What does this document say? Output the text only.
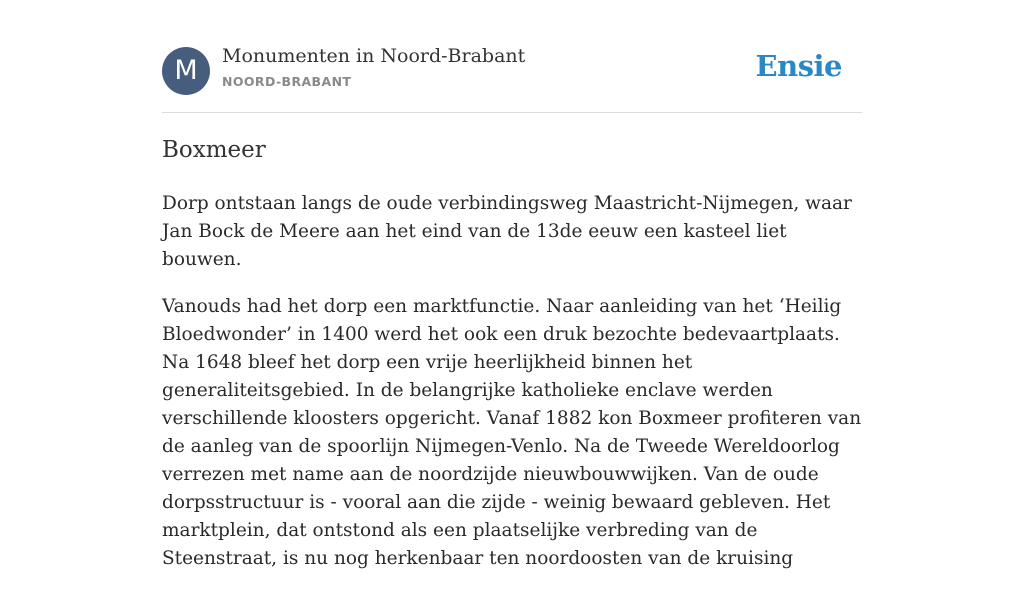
M	Monumenten in Noord-Brabant
NOORD-BRABANT	Ensie
Boxmeer

Dorp ontstaan langs de oude verbindingsweg Maastricht-Nijmegen, waar Jan Bock de Meere aan het eind van de 13de eeuw een kasteel liet bouwen.

Vanouds had het dorp een marktfunctie. Naar aanleiding van het ‘Heilig Bloedwonder’ in 1400 werd het ook een druk bezochte bedevaartplaats. Na 1648 bleef het dorp een vrije heerlijkheid binnen het generaliteitsgebied. In de belangrijke katholieke enclave werden verschillende kloosters opgericht. Vanaf 1882 kon Boxmeer profiteren van de aanleg van de spoorlijn Nijmegen-Venlo. Na de Tweede Wereldoorlog verrezen met name aan de noordzijde nieuwbouwwijken. Van de oude dorpsstructuur is - vooral aan die zijde - weinig bewaard gebleven. Het marktplein, dat ontstond als een plaatselijke verbreding van de Steenstraat, is nu nog herkenbaar ten noordoosten van de kruising
